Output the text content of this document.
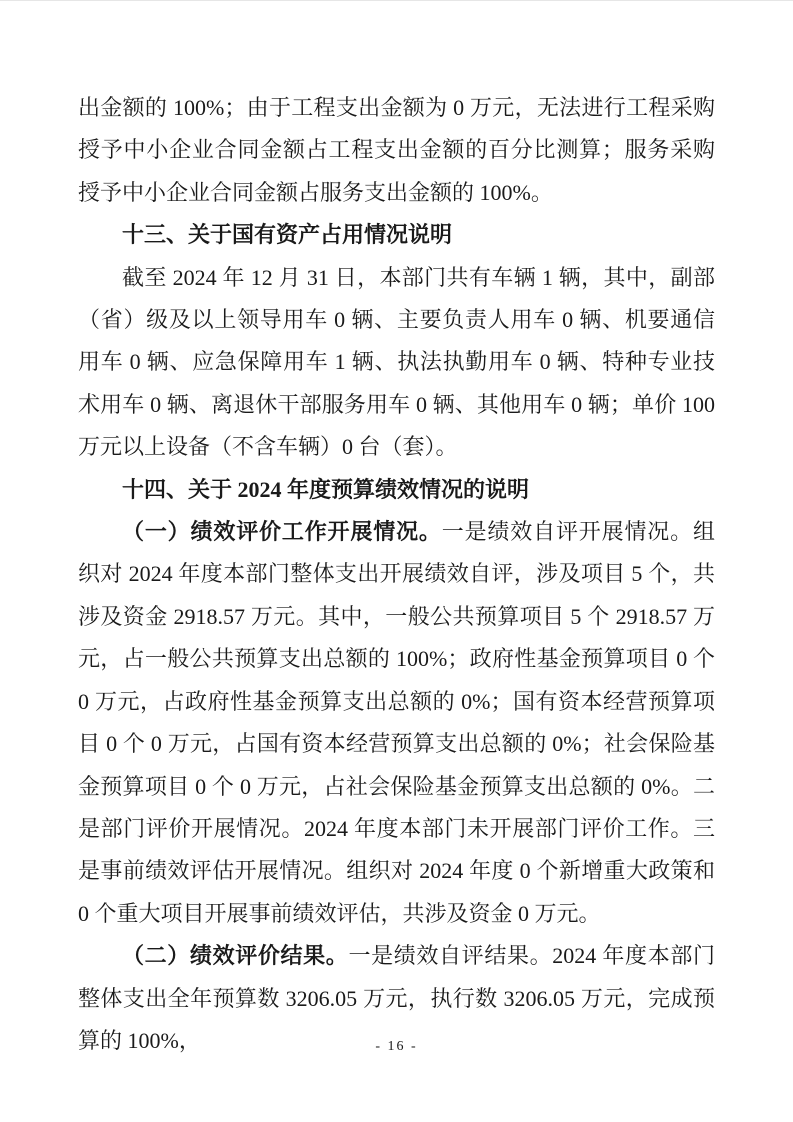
出金额的 100%；由于工程支出金额为 0 万元，无法进行工程采购授予中小企业合同金额占工程支出金额的百分比测算；服务采购授予中小企业合同金额占服务支出金额的 100%。

十三、关于国有资产占用情况说明

截至 2024 年 12 月 31 日，本部门共有车辆 1 辆，其中，副部（省）级及以上领导用车 0 辆、主要负责人用车 0 辆、机要通信用车 0 辆、应急保障用车 1 辆、执法执勤用车 0 辆、特种专业技术用车 0 辆、离退休干部服务用车 0 辆、其他用车 0 辆；单价 100 万元以上设备（不含车辆）0 台（套）。

十四、关于 2024 年度预算绩效情况的说明

（一）绩效评价工作开展情况。一是绩效自评开展情况。组织对 2024 年度本部门整体支出开展绩效自评，涉及项目 5 个，共涉及资金 2918.57 万元。其中，一般公共预算项目 5 个 2918.57 万元，占一般公共预算支出总额的 100%；政府性基金预算项目 0 个 0 万元，占政府性基金预算支出总额的 0%；国有资本经营预算项目 0 个 0 万元，占国有资本经营预算支出总额的 0%；社会保险基金预算项目 0 个 0 万元，占社会保险基金预算支出总额的 0%。二是部门评价开展情况。2024 年度本部门未开展部门评价工作。三是事前绩效评估开展情况。组织对 2024 年度 0 个新增重大政策和 0 个重大项目开展事前绩效评估，共涉及资金 0 万元。

（二）绩效评价结果。一是绩效自评结果。2024 年度本部门整体支出全年预算数 3206.05 万元，执行数 3206.05 万元，完成预算的 100%，	- 16 -
